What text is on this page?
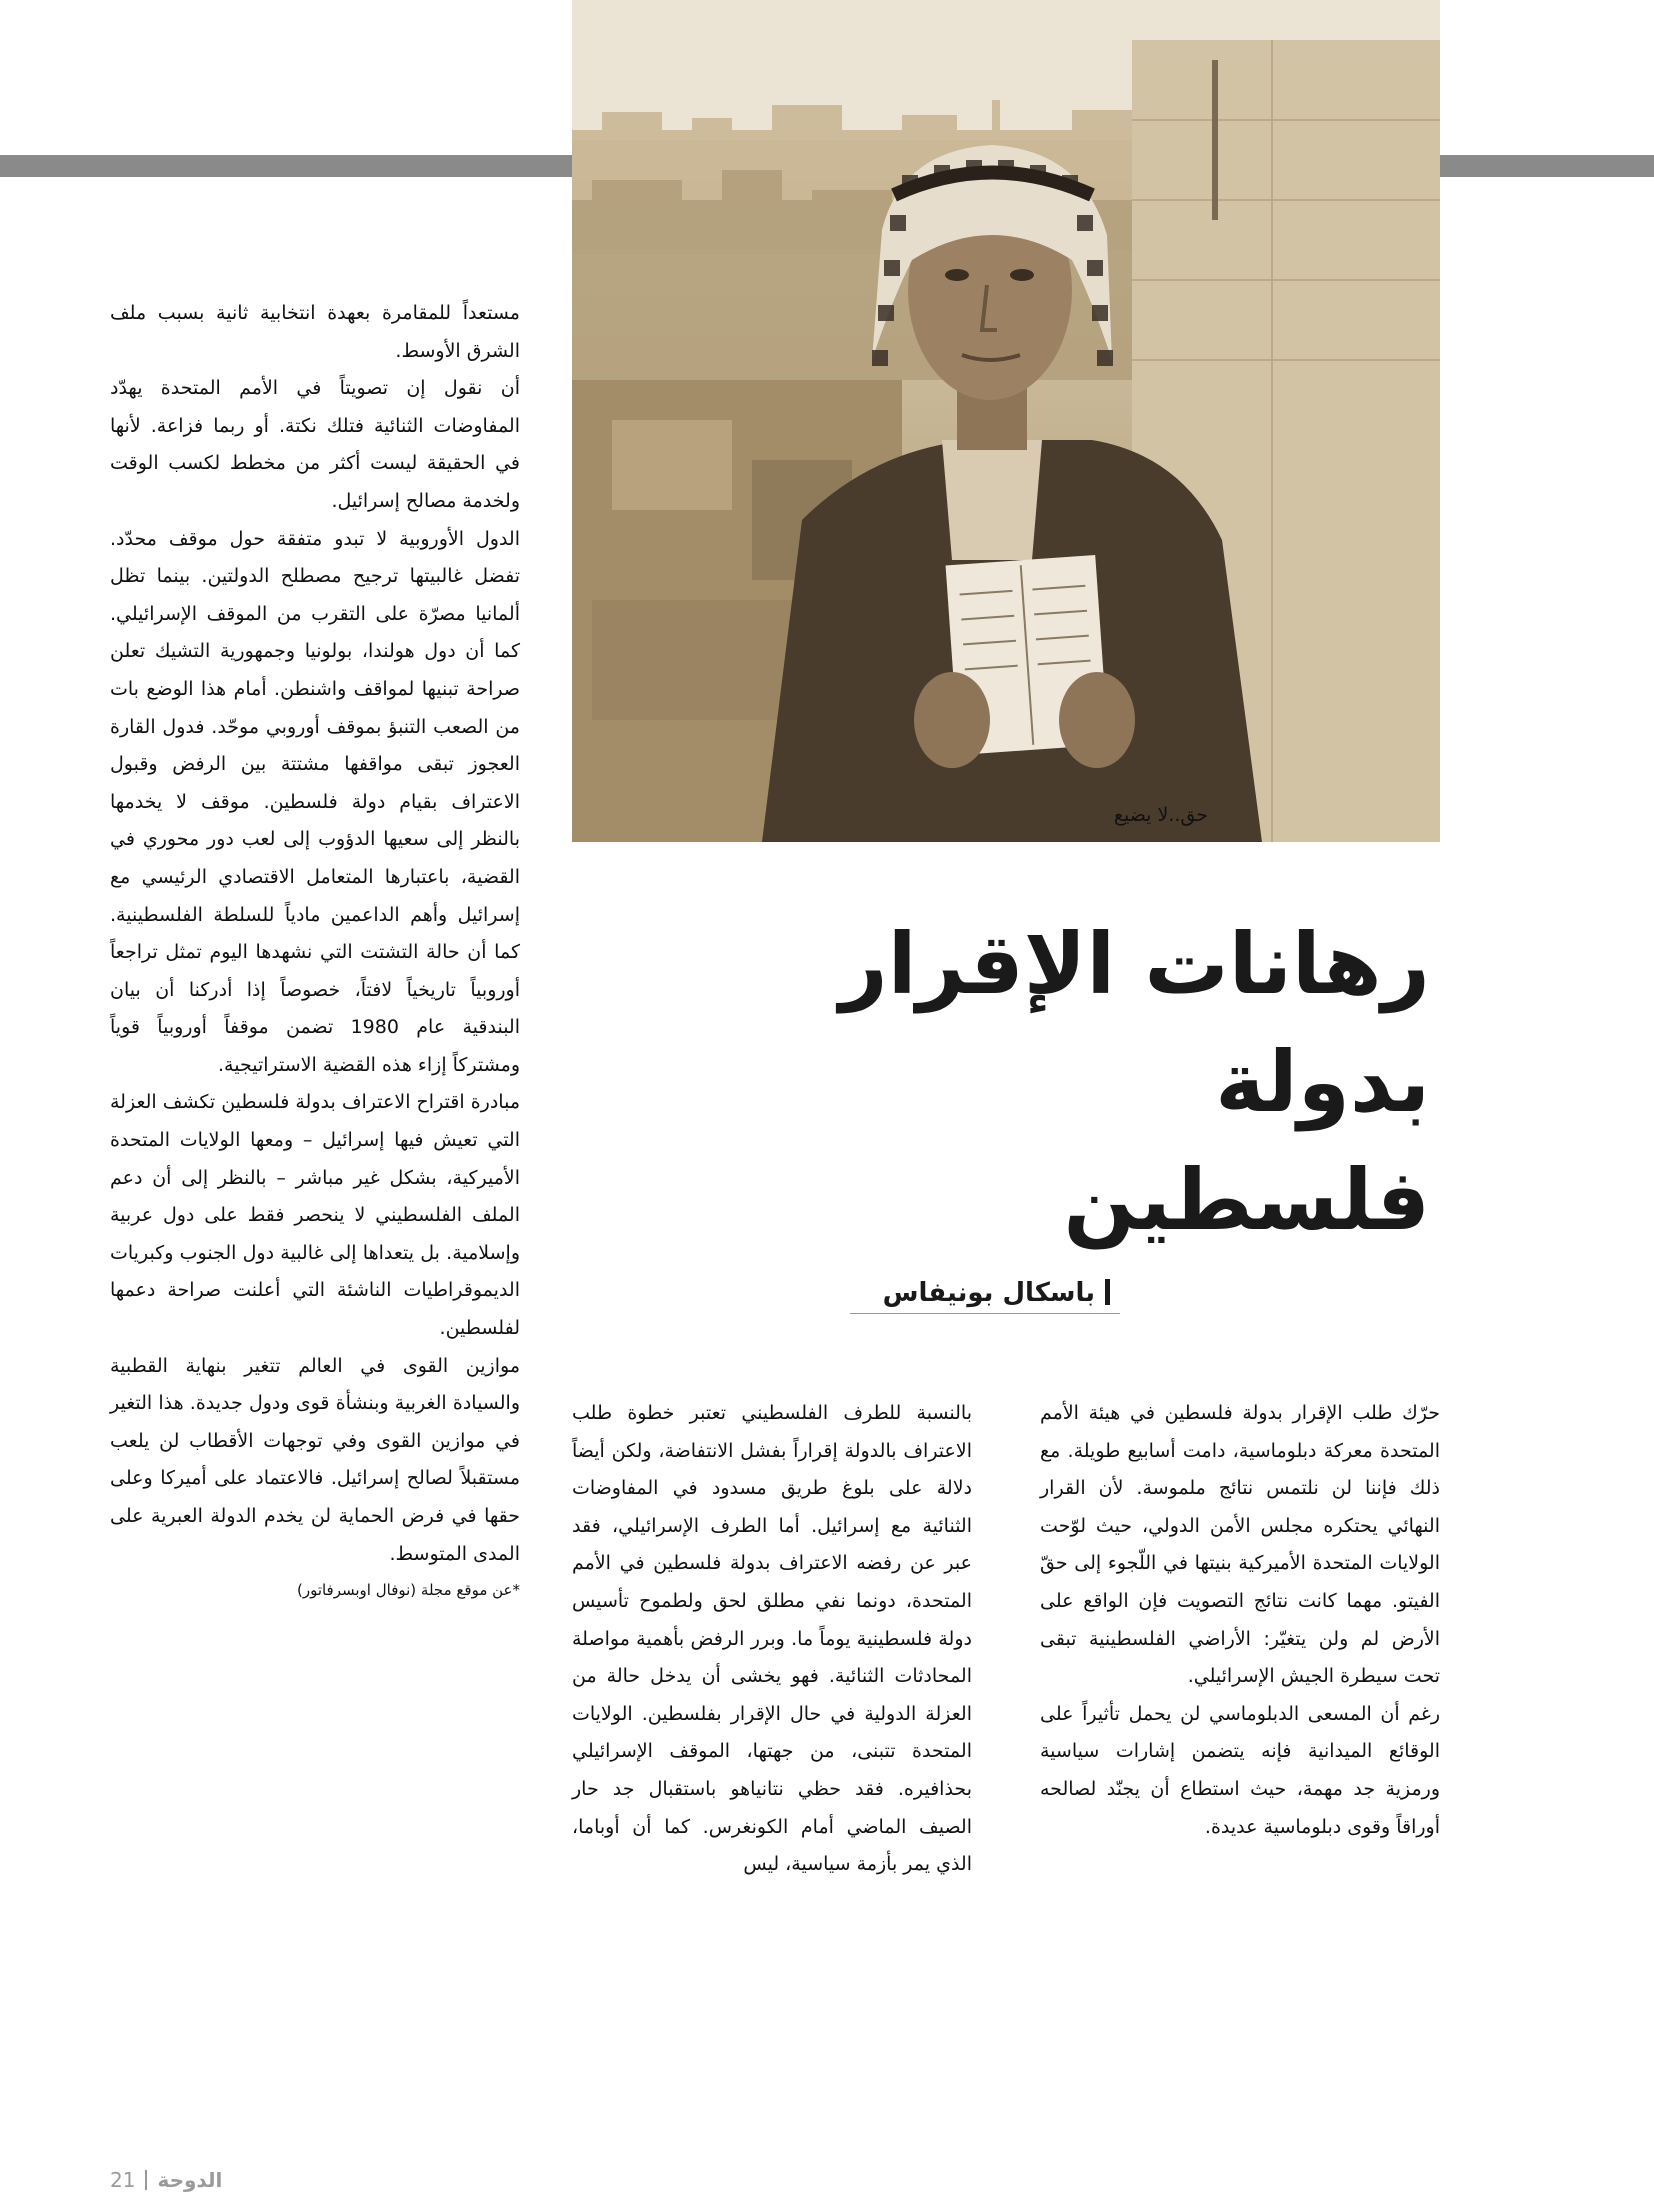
حق..لا يضيع
رهانات الإقرار
بدولة فلسطين
باسكال بونيفاس

حرّك طلب الإقرار بدولة فلسطين في هيئة الأمم المتحدة معركة دبلوماسية، دامت أسابيع طويلة. مع ذلك فإننا لن نلتمس نتائج ملموسة. لأن القرار النهائي يحتكره مجلس الأمن الدولي، حيث لوّحت الولايات المتحدة الأميركية بنيتها في اللّجوء إلى حقّ الفيتو. مهما كانت نتائج التصويت فإن الواقع على الأرض لم ولن يتغيّر: الأراضي الفلسطينية تبقى تحت سيطرة الجيش الإسرائيلي.

رغم أن المسعى الدبلوماسي لن يحمل تأثيراً على الوقائع الميدانية فإنه يتضمن إشارات سياسية ورمزية جد مهمة، حيث استطاع أن يجنّد لصالحه أوراقاً وقوى دبلوماسية عديدة.

بالنسبة للطرف الفلسطيني تعتبر خطوة طلب الاعتراف بالدولة إقراراً بفشل الانتفاضة، ولكن أيضاً دلالة على بلوغ طريق مسدود في المفاوضات الثنائية مع إسرائيل. أما الطرف الإسرائيلي، فقد عبر عن رفضه الاعتراف بدولة فلسطين في الأمم المتحدة، دونما نفي مطلق لحق ولطموح تأسيس دولة فلسطينية يوماً ما. وبرر الرفض بأهمية مواصلة المحادثات الثنائية. فهو يخشى أن يدخل حالة من العزلة الدولية في حال الإقرار بفلسطين. الولايات المتحدة تتبنى، من جهتها، الموقف الإسرائيلي بحذافيره. فقد حظي نتانياهو باستقبال جد حار الصيف الماضي أمام الكونغرس. كما أن أوباما، الذي يمر بأزمة سياسية، ليس

مستعداً للمقامرة بعهدة انتخابية ثانية بسبب ملف الشرق الأوسط.

أن نقول إن تصويتاً في الأمم المتحدة يهدّد المفاوضات الثنائية فتلك نكتة. أو ربما فزاعة. لأنها في الحقيقة ليست أكثر من مخطط لكسب الوقت ولخدمة مصالح إسرائيل.

الدول الأوروبية لا تبدو متفقة حول موقف محدّد. تفضل غالبيتها ترجيح مصطلح الدولتين. بينما تظل ألمانيا مصرّة على التقرب من الموقف الإسرائيلي. كما أن دول هولندا، بولونيا وجمهورية التشيك تعلن صراحة تبنيها لمواقف واشنطن. أمام هذا الوضع بات من الصعب التنبؤ بموقف أوروبي موحّد. فدول القارة العجوز تبقى مواقفها مشتتة بين الرفض وقبول الاعتراف بقيام دولة فلسطين. موقف لا يخدمها بالنظر إلى سعيها الدؤوب إلى لعب دور محوري في القضية، باعتبارها المتعامل الاقتصادي الرئيسي مع إسرائيل وأهم الداعمين مادياً للسلطة الفلسطينية. كما أن حالة التشتت التي نشهدها اليوم تمثل تراجعاً أوروبياً تاريخياً لافتاً، خصوصاً إذا أدركنا أن بيان البندقية عام 1980 تضمن موقفاً أوروبياً قوياً ومشتركاً إزاء هذه القضية الاستراتيجية.

مبادرة اقتراح الاعتراف بدولة فلسطين تكشف العزلة التي تعيش فيها إسرائيل – ومعها الولايات المتحدة الأميركية، بشكل غير مباشر – بالنظر إلى أن دعم الملف الفلسطيني لا ينحصر فقط على دول عربية وإسلامية. بل يتعداها إلى غالبية دول الجنوب وكبريات الديموقراطيات الناشئة التي أعلنت صراحة دعمها لفلسطين.

موازين القوى في العالم تتغير بنهاية القطبية والسيادة الغربية وبنشأة قوى ودول جديدة. هذا التغير في موازين القوى وفي توجهات الأقطاب لن يلعب مستقبلاً لصالح إسرائيل. فالاعتماد على أميركا وعلى حقها في فرض الحماية لن يخدم الدولة العبرية على المدى المتوسط.

*عن موقع مجلة (نوفال اوبسرفاتور)

21 الدوحة
